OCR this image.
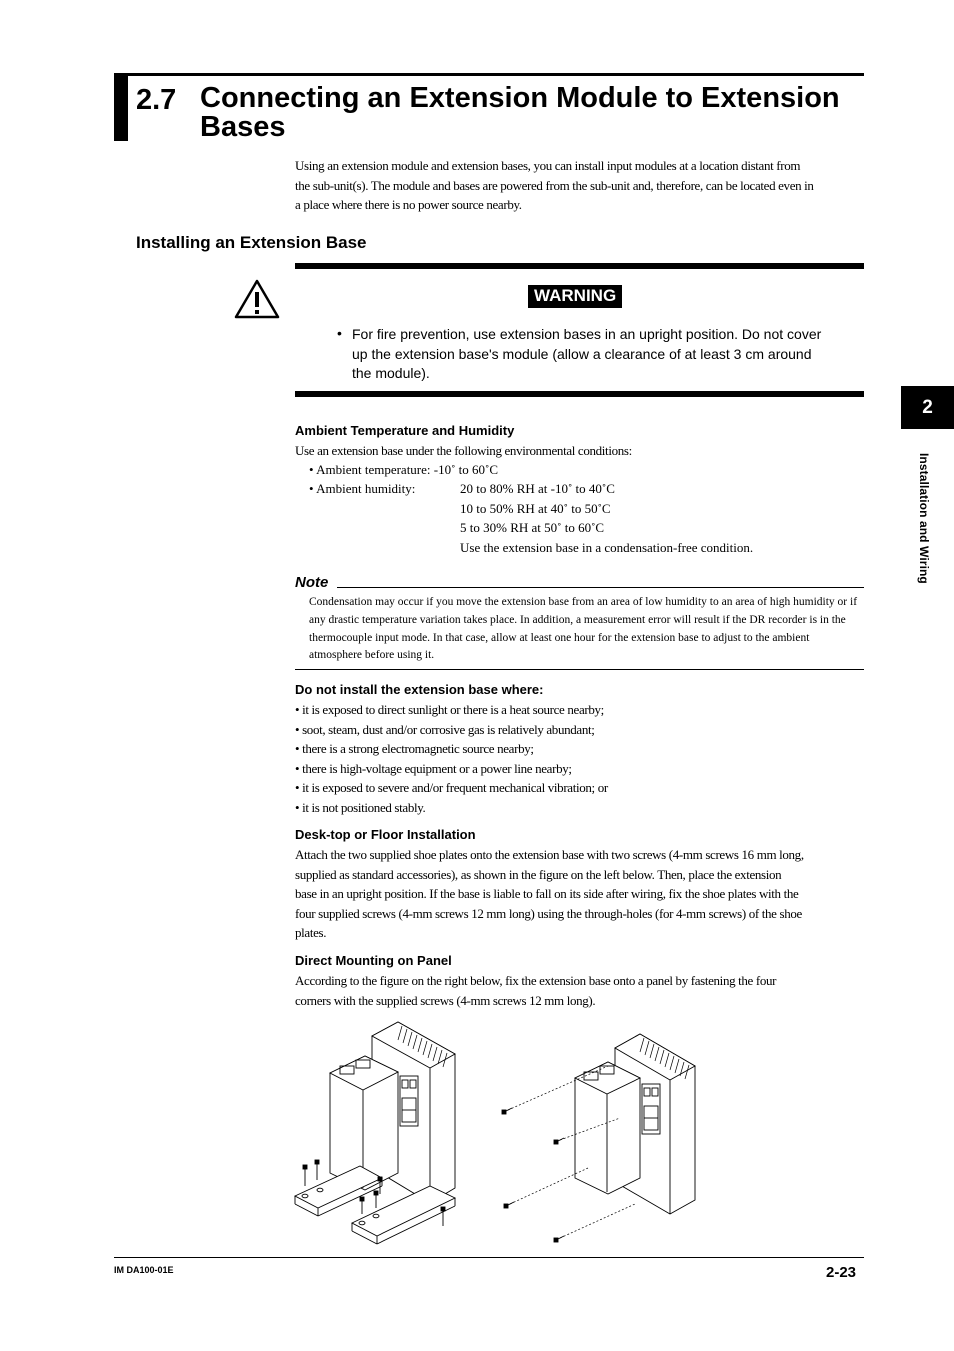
2.7 Connecting an Extension Module to Extension Bases
Using an extension module and extension bases, you can install input modules at a location distant from the sub-unit(s). The module and bases are powered from the sub-unit and, therefore, can be located even in a place where there is no power source nearby.
Installing an Extension Base
WARNING
• For fire prevention, use extension bases in an upright position. Do not cover up the extension base's module (allow a clearance of at least 3 cm around the module).
Ambient Temperature and Humidity
Use an extension base under the following environmental conditions:
• Ambient temperature: -10˚ to 60˚C
• Ambient humidity:	20 to 80% RH at -10˚ to 40˚C
10 to 50% RH at 40˚ to 50˚C
5 to 30% RH at 50˚ to 60˚C
Use the extension base in a condensation-free condition.
Note
Condensation may occur if you move the extension base from an area of low humidity to an area of high humidity or if any drastic temperature variation takes place. In addition, a measurement error will result if the DR recorder is in the thermocouple input mode. In that case, allow at least one hour for the extension base to adjust to the ambient atmosphere before using it.
Do not install the extension base where:
• it is exposed to direct sunlight or there is a heat source nearby;
• soot, steam, dust and/or corrosive gas is relatively abundant;
• there is a strong electromagnetic source nearby;
• there is high-voltage equipment or a power line nearby;
• it is exposed to severe and/or frequent mechanical vibration; or
• it is not positioned stably.
Desk-top or Floor Installation
Attach the two supplied shoe plates onto the extension base with two screws (4-mm screws 16 mm long, supplied as standard accessories), as shown in the figure on the left below. Then, place the extension base in an upright position. If the base is liable to fall on its side after wiring, fix the shoe plates with the four supplied screws (4-mm screws 12 mm long) using the through-holes (for 4-mm screws) of the shoe plates.
Direct Mounting on Panel
According to the figure on the right below, fix the extension base onto a panel by fastening the four corners with the supplied screws (4-mm screws 12 mm long).
2
Installation and Wiring
IM DA100-01E	2-23
